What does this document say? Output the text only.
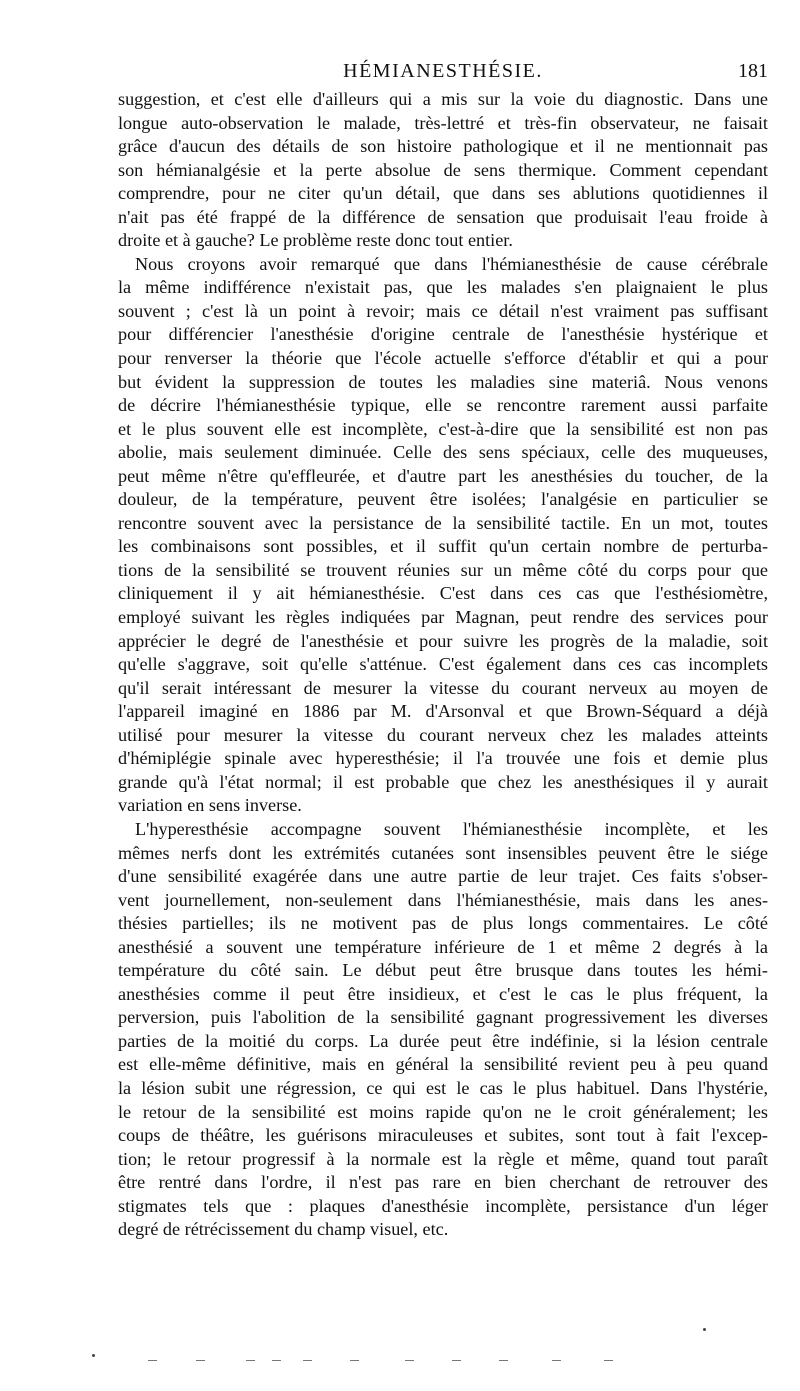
HÉMIANESTHÉSIE.	181
suggestion, et c'est elle d'ailleurs qui a mis sur la voie du diagnostic. Dans une
longue auto-observation le malade, très-lettré et très-fin observateur, ne faisait
grâce d'aucun des détails de son histoire pathologique et il ne mentionnait pas
son hémianalgésie et la perte absolue de sens thermique. Comment cependant
comprendre, pour ne citer qu'un détail, que dans ses ablutions quotidiennes il
n'ait pas été frappé de la différence de sensation que produisait l'eau froide à
droite et à gauche? Le problème reste donc tout entier.
Nous croyons avoir remarqué que dans l'hémianesthésie de cause cérébrale
la même indifférence n'existait pas, que les malades s'en plaignaient le plus
souvent ; c'est là un point à revoir; mais ce détail n'est vraiment pas suffisant
pour différencier l'anesthésie d'origine centrale de l'anesthésie hystérique et
pour renverser la théorie que l'école actuelle s'efforce d'établir et qui a pour
but évident la suppression de toutes les maladies sine materiâ. Nous venons
de décrire l'hémianesthésie typique, elle se rencontre rarement aussi parfaite
et le plus souvent elle est incomplète, c'est-à-dire que la sensibilité est non pas
abolie, mais seulement diminuée. Celle des sens spéciaux, celle des muqueuses,
peut même n'être qu'effleurée, et d'autre part les anesthésies du toucher, de la
douleur, de la température, peuvent être isolées; l'analgésie en particulier se
rencontre souvent avec la persistance de la sensibilité tactile. En un mot, toutes
les combinaisons sont possibles, et il suffit qu'un certain nombre de perturba-
tions de la sensibilité se trouvent réunies sur un même côté du corps pour que
cliniquement il y ait hémianesthésie. C'est dans ces cas que l'esthésiomètre,
employé suivant les règles indiquées par Magnan, peut rendre des services pour
apprécier le degré de l'anesthésie et pour suivre les progrès de la maladie, soit
qu'elle s'aggrave, soit qu'elle s'atténue. C'est également dans ces cas incomplets
qu'il serait intéressant de mesurer la vitesse du courant nerveux au moyen de
l'appareil imaginé en 1886 par M. d'Arsonval et que Brown-Séquard a déjà
utilisé pour mesurer la vitesse du courant nerveux chez les malades atteints
d'hémiplégie spinale avec hyperesthésie; il l'a trouvée une fois et demie plus
grande qu'à l'état normal; il est probable que chez les anesthésiques il y aurait
variation en sens inverse.
L'hyperesthésie accompagne souvent l'hémianesthésie incomplète, et les
mêmes nerfs dont les extrémités cutanées sont insensibles peuvent être le siége
d'une sensibilité exagérée dans une autre partie de leur trajet. Ces faits s'obser-
vent journellement, non-seulement dans l'hémianesthésie, mais dans les anes-
thésies partielles; ils ne motivent pas de plus longs commentaires. Le côté
anesthésié a souvent une température inférieure de 1 et même 2 degrés à la
température du côté sain. Le début peut être brusque dans toutes les hémi-
anesthésies comme il peut être insidieux, et c'est le cas le plus fréquent, la
perversion, puis l'abolition de la sensibilité gagnant progressivement les diverses
parties de la moitié du corps. La durée peut être indéfinie, si la lésion centrale
est elle-même définitive, mais en général la sensibilité revient peu à peu quand
la lésion subit une régression, ce qui est le cas le plus habituel. Dans l'hystérie,
le retour de la sensibilité est moins rapide qu'on ne le croit généralement; les
coups de théâtre, les guérisons miraculeuses et subites, sont tout à fait l'excep-
tion; le retour progressif à la normale est la règle et même, quand tout paraît
être rentré dans l'ordre, il n'est pas rare en bien cherchant de retrouver des
stigmates tels que : plaques d'anesthésie incomplète, persistance d'un léger
degré de rétrécissement du champ visuel, etc.
